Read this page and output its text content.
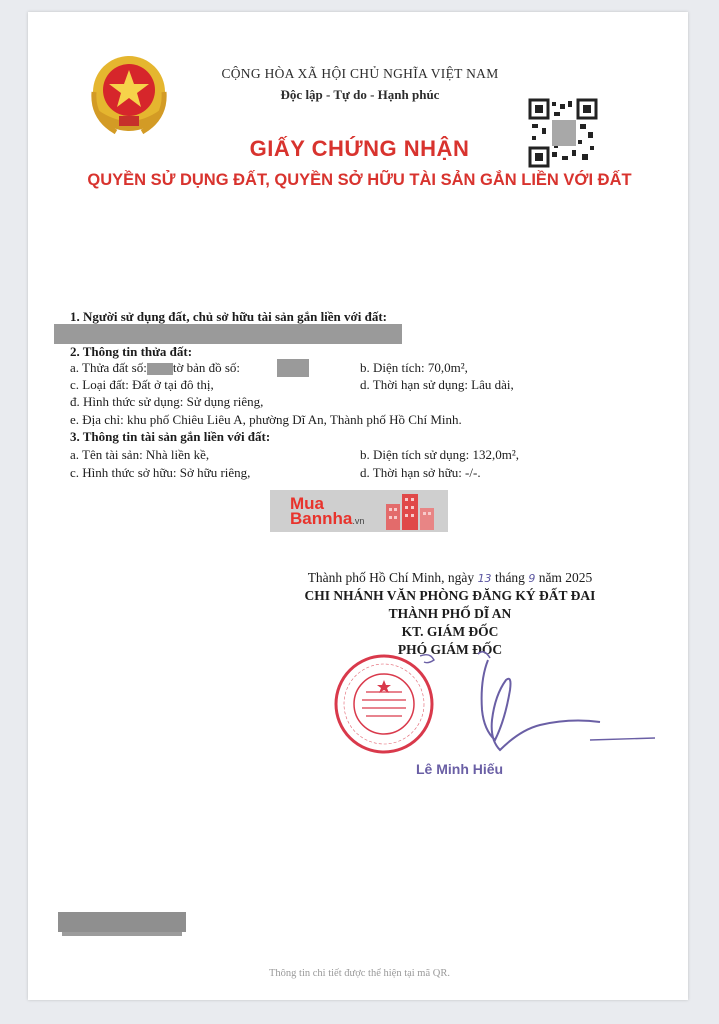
CỘNG HÒA XÃ HỘI CHỦ NGHĨA VIỆT NAM
Độc lập - Tự do - Hạnh phúc
GIẤY CHỨNG NHẬN
QUYỀN SỬ DỤNG ĐẤT, QUYỀN SỞ HỮU TÀI SẢN GẮN LIỀN VỚI ĐẤT
1. Người sử dụng đất, chủ sở hữu tài sản gắn liền với đất:
2. Thông tin thửa đất:
a. Thửa đất số: tờ bản đồ số:	b. Diện tích: 70,0m²,
c. Loại đất: Đất ở tại đô thị,	d. Thời hạn sử dụng: Lâu dài,
đ. Hình thức sử dụng: Sử dụng riêng,
e. Địa chỉ: khu phố Chiêu Liêu A, phường Dĩ An, Thành phố Hồ Chí Minh.
3. Thông tin tài sản gắn liền với đất:
a. Tên tài sản: Nhà liền kề,	b. Diện tích sử dụng: 132,0m²,
c. Hình thức sở hữu: Sở hữu riêng,	d. Thời hạn sở hữu: -/-.
Mua
Bannha.vn
Thành phố Hồ Chí Minh, ngày 13 tháng 9 năm 2025
CHI NHÁNH VĂN PHÒNG ĐĂNG KÝ ĐẤT ĐAI
THÀNH PHỐ DĨ AN
KT. GIÁM ĐỐC
PHÓ GIÁM ĐỐC
Lê Minh Hiếu
Thông tin chi tiết được thể hiện tại mã QR.
